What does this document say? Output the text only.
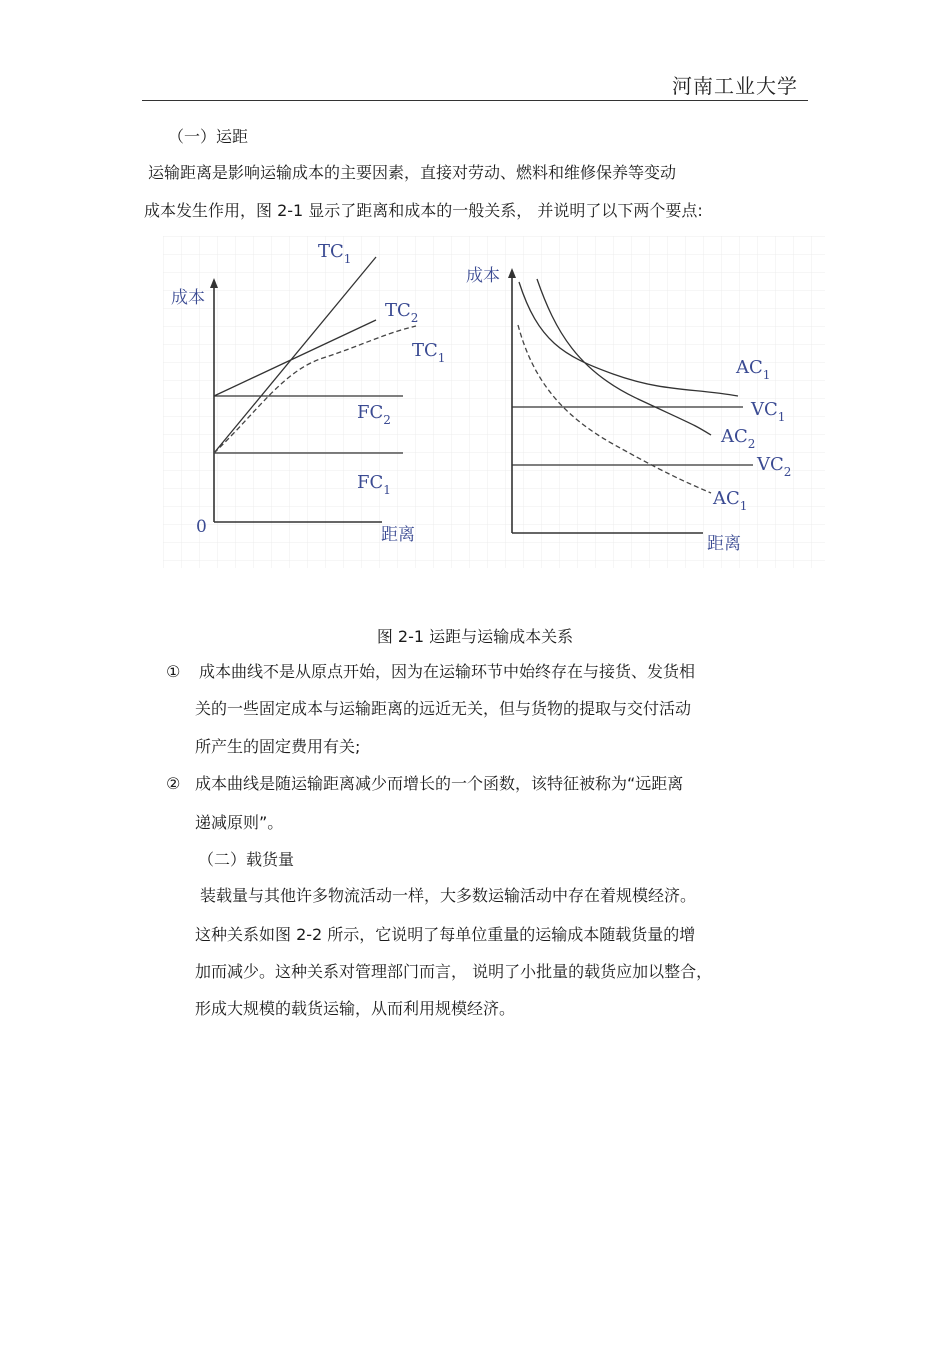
河南工业大学
（一）运距
运输距离是影响运输成本的主要因素，直接对劳动、燃料和维修保养等变动
成本发生作用，图 2-1 显示了距离和成本的一般关系， 并说明了以下两个要点:
成本
距离
0
$TC_1$
$TC_2$
$TC_1$
$FC_2$
$FC_1$
成本
距离
$AC_1$
$VC_1$
$AC_2$
$VC_2$
$AC_1$
图 2-1 运距与运输成本关系
① 成本曲线不是从原点开始，因为在运输环节中始终存在与接货、发货相
关的一些固定成本与运输距离的远近无关，但与货物的提取与交付活动
所产生的固定费用有关;
② 成本曲线是随运输距离减少而增长的一个函数，该特征被称为“远距离
递减原则”。
（二）载货量
装载量与其他许多物流活动一样，大多数运输活动中存在着规模经济。
这种关系如图 2-2 所示，它说明了每单位重量的运输成本随载货量的增
加而减少。这种关系对管理部门而言， 说明了小批量的载货应加以整合，
形成大规模的载货运输，从而利用规模经济。
